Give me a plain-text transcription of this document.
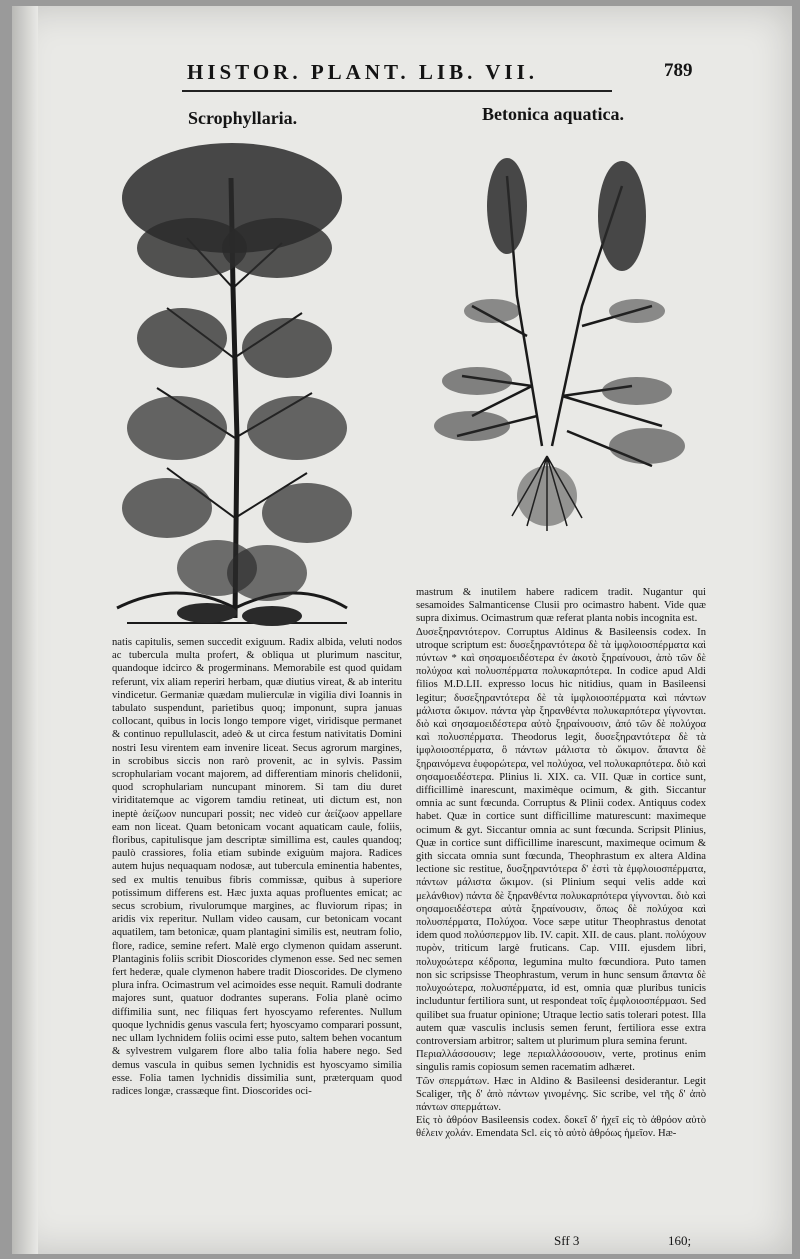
HISTOR. PLANT. LIB. VII.	789
Scrophyllaria.	Betonica aquatica.

natis capitulis, semen succedit exiguum. Radix albida, veluti nodos ac tubercula multa profert, & obliqua ut plurimum nascitur, quandoque idcirco & progerminans. Memorabile est quod quidam referunt, vix aliam reperiri herbam, quæ diutius vireat, & ab interitu vindicetur. Germaniæ quædam mulierculæ in vigilia divi Ioannis in tabulato suspendunt, parietibus quoq; imponunt, supra januas collocant, quibus in locis longo tempore viget, viridisque permanet & continuo repullulascit, adeò & ut circa festum nativitatis Domini nostri Iesu virentem eam invenire liceat. Secus agrorum margines, in scrobibus siccis non rarò provenit, ac in sylvis. Passim scrophulariam vocant majorem, ad differentiam minoris chelidonii, quod scrophulariam nuncupant minorem. Si tam diu duret viriditatemque ac vigorem tamdiu retineat, uti dictum est, non ineptè ἀείζωον nuncupari possit; nec videò cur ἀείζωον appellare eam non liceat. Quam betonicam vocant aquaticam caule, foliis, floribus, capitulisque jam descriptæ simillima est, caules quandoq; paulò crassiores, folia etiam subinde exiguùm majora. Radices autem hujus nequaquam nodosæ, aut tubercula eminentia habentes, sed ex multis tenuibus fibris commissæ, quibus à superiore potissimum differens est. Hæc juxta aquas profluentes emicat; ac secus scrobium, rivulorumque margines, ac fluviorum ripas; in aridis vix reperitur. Nullam video causam, cur betonicam vocant aquatilem, tam betonicæ, quam plantagini similis est, neutram folio, flore, radice, semine refert. Malè ergo clymenon quidam asserunt. Plantaginis foliis scribit Dioscorides clymenon esse. Sed nec semen fert hederæ, quale clymenon habere tradit Dioscorides. De clymeno plura infra. Ocimastrum vel acimoides esse nequit. Ramuli dodrante majores sunt, quatuor dodrantes superans. Folia planè ocimo diffimilia sunt, nec filiquas fert hyoscyamo referentes. Nullum quoque lychnidis genus vascula fert; hyoscyamo comparari possunt, nec ullam lychnidem foliis ocimi esse puto, saltem behen vocantum & sylvestrem vulgarem flore albo talia folia habere nego. Sed demus vascula in quibus semen lychnidis est hyoscyamo similia esse. Folia tamen lychnidis dissimilia sunt, præterquam quod radices longæ, crassæque fint. Dioscorides oci-

mastrum & inutilem habere radicem tradit. Nugantur qui sesamoides Salmanticense Clusii pro ocimastro habent. Vide quæ supra diximus. Ocimastrum quæ referat planta nobis incognita est.

Δυσεξηραντότερον. Corruptus Aldinus & Basileensis codex. In utroque scriptum est: δυσεξηραντότερα δὲ τὰ ἰμφλοιοσπέρματα καὶ πύντων * καὶ σησαμοειδέστερα ἐν ἀκοτὸ ξηραίνουσι, ἀπὸ τῶν δὲ πολύχοα καὶ πολυσπέρματα πολυκαρπότερα. In codice apud Aldi filios M.D.LII. expresso locus hic nitidius, quam in Basileensi legitur; δυσεξηραντότερα δὲ τὰ ἰμφλοιοσπέρματα καὶ πάντων μάλιστα ὤκιμον. πάντα γὰρ ξηρανθέντα πολυκαρπότερα γίγνονται. διὸ καὶ σησαμοειδέστερα αὐτὸ ξηραίνουσιν, ἀπό τῶν δὲ πολύχοα καὶ πολυσπέρματα. Theodorus legit, δυσεξηραντότερα δὲ τὰ ἰμφλοιοσπέρματα, ὃ πάντων μάλιστα τὸ ὤκιμον. ἅπαντα δὲ ξηραινόμενα ἐυφορώτερα, vel πολύχοα, vel πολυκαρπότερα. διὸ καὶ σησαμοειδέστερα. Plinius li. XIX. ca. VII. Quæ in cortice sunt, difficillimè inarescunt, maximèque ocimum, & gith. Siccantur omnia ac sunt fœcunda. Corruptus & Plinii codex. Antiquus codex habet. Quæ in cortice sunt difficillime maturescunt: maximeque ocimum & gyt. Siccantur omnia ac sunt fœcunda. Scripsit Plinius, Quæ in cortice sunt difficillime inarescunt, maximeque ocimum & gith siccata omnia sunt fœcunda, Theophrastum ex altera Aldina lectione sic restitue, δυσξηραντότερα δ' ἐστὶ τὰ ἐμφλοιοσπέρματα, πάντων μάλιστα ὤκιμον. (si Plinium sequi velis adde καὶ μελάνθιον) πάντα δὲ ξηρανθέντα πολυκαρπότερα γίγνονται. διὸ καὶ σησαμοειδέστερα αὐτὰ ξηραίνουσιν, ὅπως δὲ πολύχοα καὶ πολυσπέρματα, Πολύχοα. Voce sæpe utitur Theophrastus denotat idem quod πολύσπερμον lib. IV. capit. XII. de caus. plant. πολύχουν πυρὸν, triticum largè fruticans. Cap. VIII. ejusdem libri, πολυχοώτερα κέδροπα, legumina multo fœcundiora. Puto tamen non sic scripsisse Theophrastum, verum in hunc sensum ἅπαντα δὲ πολυχοώτερα, πολυσπέρματα, id est, omnia quæ pluribus tunicis includuntur fertiliora sunt, ut respondeat τοῖς ἐμφλοιοσπέρμασι. Sed quilibet sua fruatur opinione; Utraque lectio satis tolerari potest. Illa autem quæ vasculis inclusis semen ferunt, fertiliora esse extra controversiam arbitror; saltem ut plurimum plura semina ferunt.

Περιαλλάσσουσιν; lege περιαλλάσσουσιν, verte, protinus enim singulis ramis copiosum semen racematim adhæret.

Τῶν σπερμάτων. Hæc in Aldino & Basileensi desiderantur. Legit Scaliger, τῆς δ' ἀπὸ πάντων γινομένης. Sic scribe, vel τῆς δ' ἀπὸ πάντων σπερμάτων.

Εἰς τὸ ἀθρόον Basileensis codex. δοκεῖ δ' ἠχεῖ εἰς τὸ ἀθρόον αὐτὸ θέλειν χολάν. Emendata Scl. εἰς τὸ αὐτὸ ἀθρόως ἡμεῖον. Hæ-

Sff 3	160;
